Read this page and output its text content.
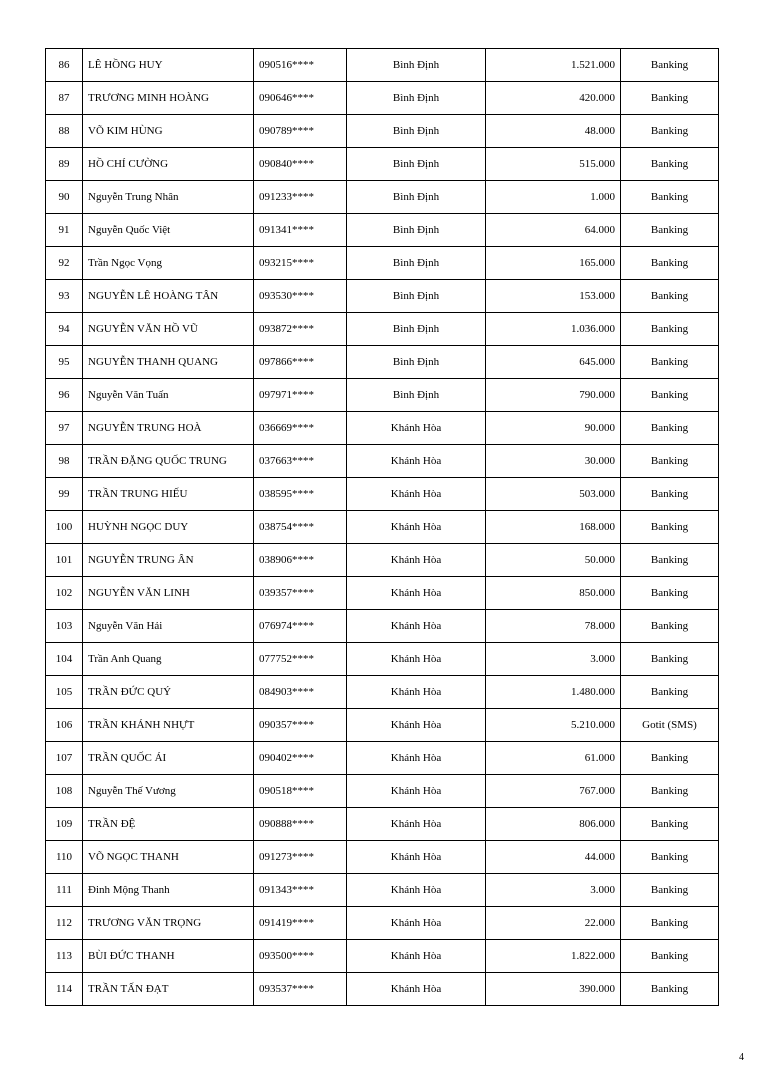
86	LÊ HỒNG HUY	090516****	Bình Định	1.521.000	Banking
87	TRƯƠNG MINH HOÀNG	090646****	Bình Định	420.000	Banking
88	VÕ KIM HÙNG	090789****	Bình Định	48.000	Banking
89	HỒ CHÍ CƯỜNG	090840****	Bình Định	515.000	Banking
90	Nguyễn Trung Nhân	091233****	Bình Định	1.000	Banking
91	Nguyễn Quốc Việt	091341****	Bình Định	64.000	Banking
92	Trần Ngọc Vọng	093215****	Bình Định	165.000	Banking
93	NGUYỄN LÊ HOÀNG TÂN	093530****	Bình Định	153.000	Banking
94	NGUYỄN VĂN HỒ VŨ	093872****	Bình Định	1.036.000	Banking
95	NGUYỄN THANH QUANG	097866****	Bình Định	645.000	Banking
96	Nguyễn Văn Tuấn	097971****	Bình Định	790.000	Banking
97	NGUYỄN TRUNG HOÀ	036669****	Khánh Hòa	90.000	Banking
98	TRẦN ĐẶNG QUỐC TRUNG	037663****	Khánh Hòa	30.000	Banking
99	TRẦN TRUNG HIẾU	038595****	Khánh Hòa	503.000	Banking
100	HUỲNH NGỌC DUY	038754****	Khánh Hòa	168.000	Banking
101	NGUYỄN TRUNG ÂN	038906****	Khánh Hòa	50.000	Banking
102	NGUYỄN VĂN LINH	039357****	Khánh Hòa	850.000	Banking
103	Nguyễn Văn Hải	076974****	Khánh Hòa	78.000	Banking
104	Trần Anh Quang	077752****	Khánh Hòa	3.000	Banking
105	TRẦN ĐỨC QUÝ	084903****	Khánh Hòa	1.480.000	Banking
106	TRẦN KHÁNH NHỰT	090357****	Khánh Hòa	5.210.000	Gotit (SMS)
107	TRẦN QUỐC ÁI	090402****	Khánh Hòa	61.000	Banking
108	Nguyễn Thế Vương	090518****	Khánh Hòa	767.000	Banking
109	TRẦN ĐỆ	090888****	Khánh Hòa	806.000	Banking
110	VÕ NGỌC THANH	091273****	Khánh Hòa	44.000	Banking
111	Đinh Mộng Thanh	091343****	Khánh Hòa	3.000	Banking
112	TRƯƠNG VĂN TRỌNG	091419****	Khánh Hòa	22.000	Banking
113	BÙI ĐỨC THANH	093500****	Khánh Hòa	1.822.000	Banking
114	TRẦN TẤN ĐẠT	093537****	Khánh Hòa	390.000	Banking
4
